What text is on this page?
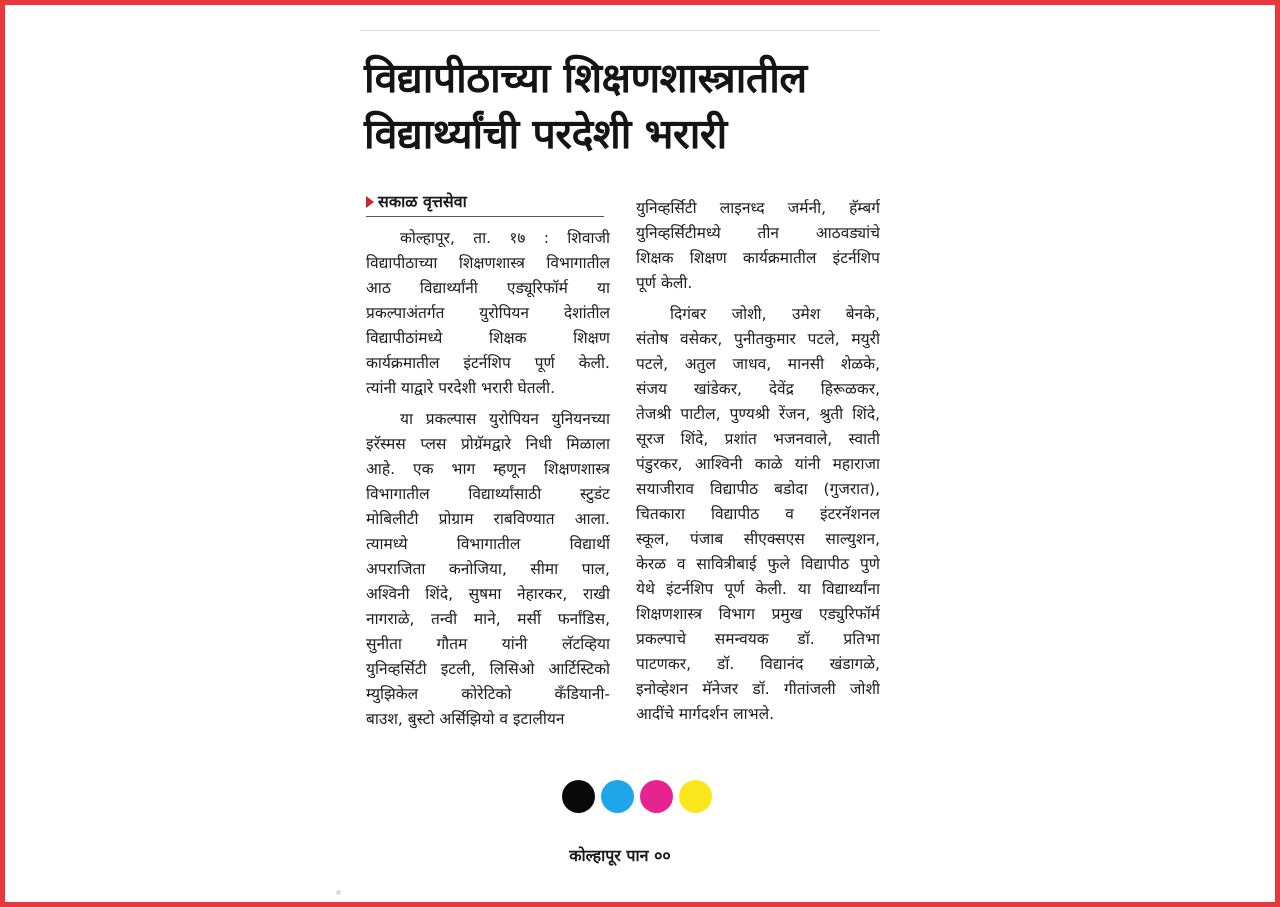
विद्यापीठाच्या शिक्षणशास्त्रातील
विद्यार्थ्यांची परदेशी भरारी
सकाळ वृत्तसेवा
कोल्हापूर, ता. १७ : शिवाजी
विद्यापीठाच्या शिक्षणशास्त्र विभागातील
आठ विद्यार्थ्यांनी एड्यूरिफॉर्म या
प्रकल्पाअंतर्गत युरोपियन देशांतील
विद्यापीठांमध्ये शिक्षक शिक्षण
कार्यक्रमातील इंटर्नशिप पूर्ण केली.
त्यांनी याद्वारे परदेशी भरारी घेतली.
या प्रकल्पास युरोपियन युनियनच्या
इरॅस्मस प्लस प्रोग्रॅमद्वारे निधी मिळाला
आहे. एक भाग म्हणून शिक्षणशास्त्र
विभागातील विद्यार्थ्यांसाठी स्टुडंट
मोबिलीटी प्रोग्राम राबविण्यात आला.
त्यामध्ये विभागातील विद्यार्थी
अपराजिता कनोजिया, सीमा पाल,
अश्विनी शिंदे, सुषमा नेहारकर, राखी
नागराळे, तन्वी माने, मर्सी फर्नांडिस,
सुनीता गौतम यांनी लॅटव्हिया
युनिव्हर्सिटी इटली, लिसिओ आर्टिस्टिको
म्युझिकेल कोरेटिको कॅंडियानी-
बाउश, बुस्टो अर्सिझियो व इटालीयन
युनिव्हर्सिटी लाइनध्द जर्मनी, हॅम्बर्ग
युनिव्हर्सिटीमध्ये तीन आठवड्यांचे
शिक्षक शिक्षण कार्यक्रमातील इंटर्नशिप
पूर्ण केली.
दिगंबर जोशी, उमेश बेनके,
संतोष वसेकर, पुनीतकुमार पटले, मयुरी
पटले, अतुल जाधव, मानसी शेळके,
संजय खांडेकर, देवेंद्र हिरूळकर,
तेजश्री पाटील, पुण्यश्री रेंजन, श्रुती शिंदे,
सूरज शिंदे, प्रशांत भजनवाले, स्वाती
पंडुरकर, आश्विनी काळे यांनी महाराजा
सयाजीराव विद्यापीठ बडोदा (गुजरात),
चितकारा विद्यापीठ व इंटरनॅशनल
स्कूल, पंजाब सीएक्सएस साल्युशन,
केरळ व सावित्रीबाई फुले विद्यापीठ पुणे
येथे इंटर्नशिप पूर्ण केली. या विद्यार्थ्यांना
शिक्षणशास्त्र विभाग प्रमुख एड्युरिफॉर्म
प्रकल्पाचे समन्वयक डॉ. प्रतिभा
पाटणकर, डॉ. विद्यानंद खंडागळे,
इनोव्हेशन मॅनेजर डॉ. गीतांजली जोशी
आदींचे मार्गदर्शन लाभले.
कोल्हापूर पान ००
